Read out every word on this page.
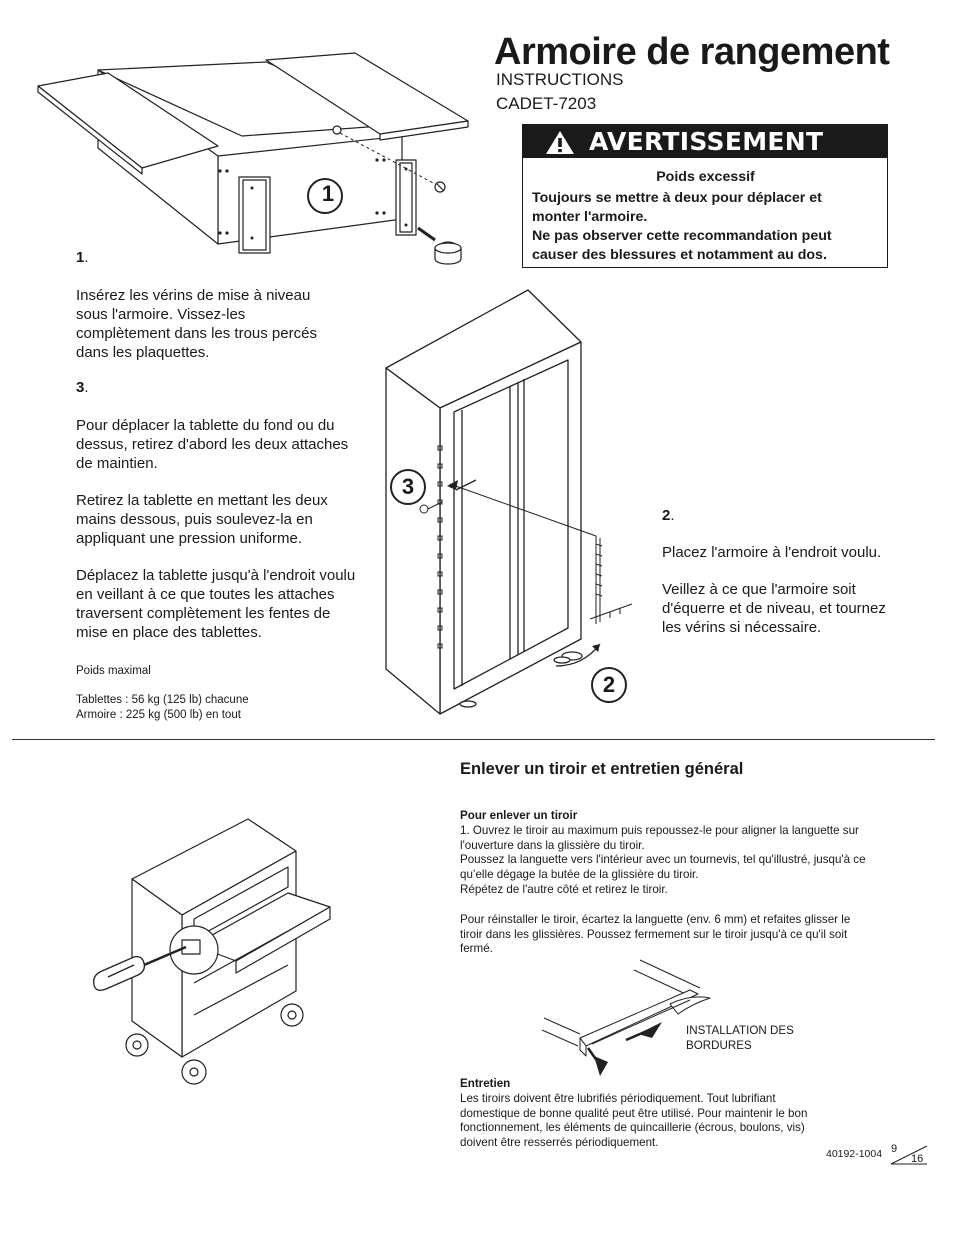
Armoire de rangement
INSTRUCTIONS
CADET-7203
AVERTISSEMENT
Poids excessif
Toujours se mettre à deux pour déplacer et
monter l'armoire.
Ne pas observer cette recommandation peut
causer des blessures et notamment au dos.
1
3
2
1.
Insérez les vérins de mise à niveau
sous l'armoire. Vissez-les
complètement dans les trous percés
dans les plaquettes.
3.
Pour déplacer la tablette du fond ou du
dessus, retirez d'abord les deux attaches
de maintien.
Retirez la tablette en mettant les deux
mains dessous, puis soulevez-la en
appliquant une pression uniforme.
Déplacez la tablette jusqu'à l'endroit voulu
en veillant à ce que toutes les attaches
traversent complètement les fentes de
mise en place des tablettes.
Poids maximal
Tablettes : 56 kg (125 lb) chacune
Armoire : 225 kg (500 lb) en tout
2.
Placez l'armoire à l'endroit voulu.
Veillez à ce que l'armoire soit
d'équerre et de niveau, et tournez
les vérins si nécessaire.
Enlever un tiroir et entretien général
Pour enlever un tiroir
1. Ouvrez le tiroir au maximum puis repoussez-le pour aligner la languette sur
l'ouverture dans la glissière du tiroir.
Poussez la languette vers l'intérieur avec un tournevis, tel qu'illustré, jusqu'à ce
qu’elle dégage la butée de la glissière du tiroir.
Répétez de l'autre côté et retirez le tiroir.
Pour réinstaller le tiroir, écartez la languette (env. 6 mm) et refaites glisser le
tiroir dans les glissières. Poussez fermement sur le tiroir jusqu'à ce qu'il soit
fermé.
INSTALLATION DES
BORDURES
Entretien
Les tiroirs doivent être lubrifiés périodiquement. Tout lubrifiant
domestique de bonne qualité peut être utilisé. Pour maintenir le bon
fonctionnement, les éléments de quincaillerie (écrous, boulons, vis)
doivent être resserrés périodiquement.
40192-1004 9
16
